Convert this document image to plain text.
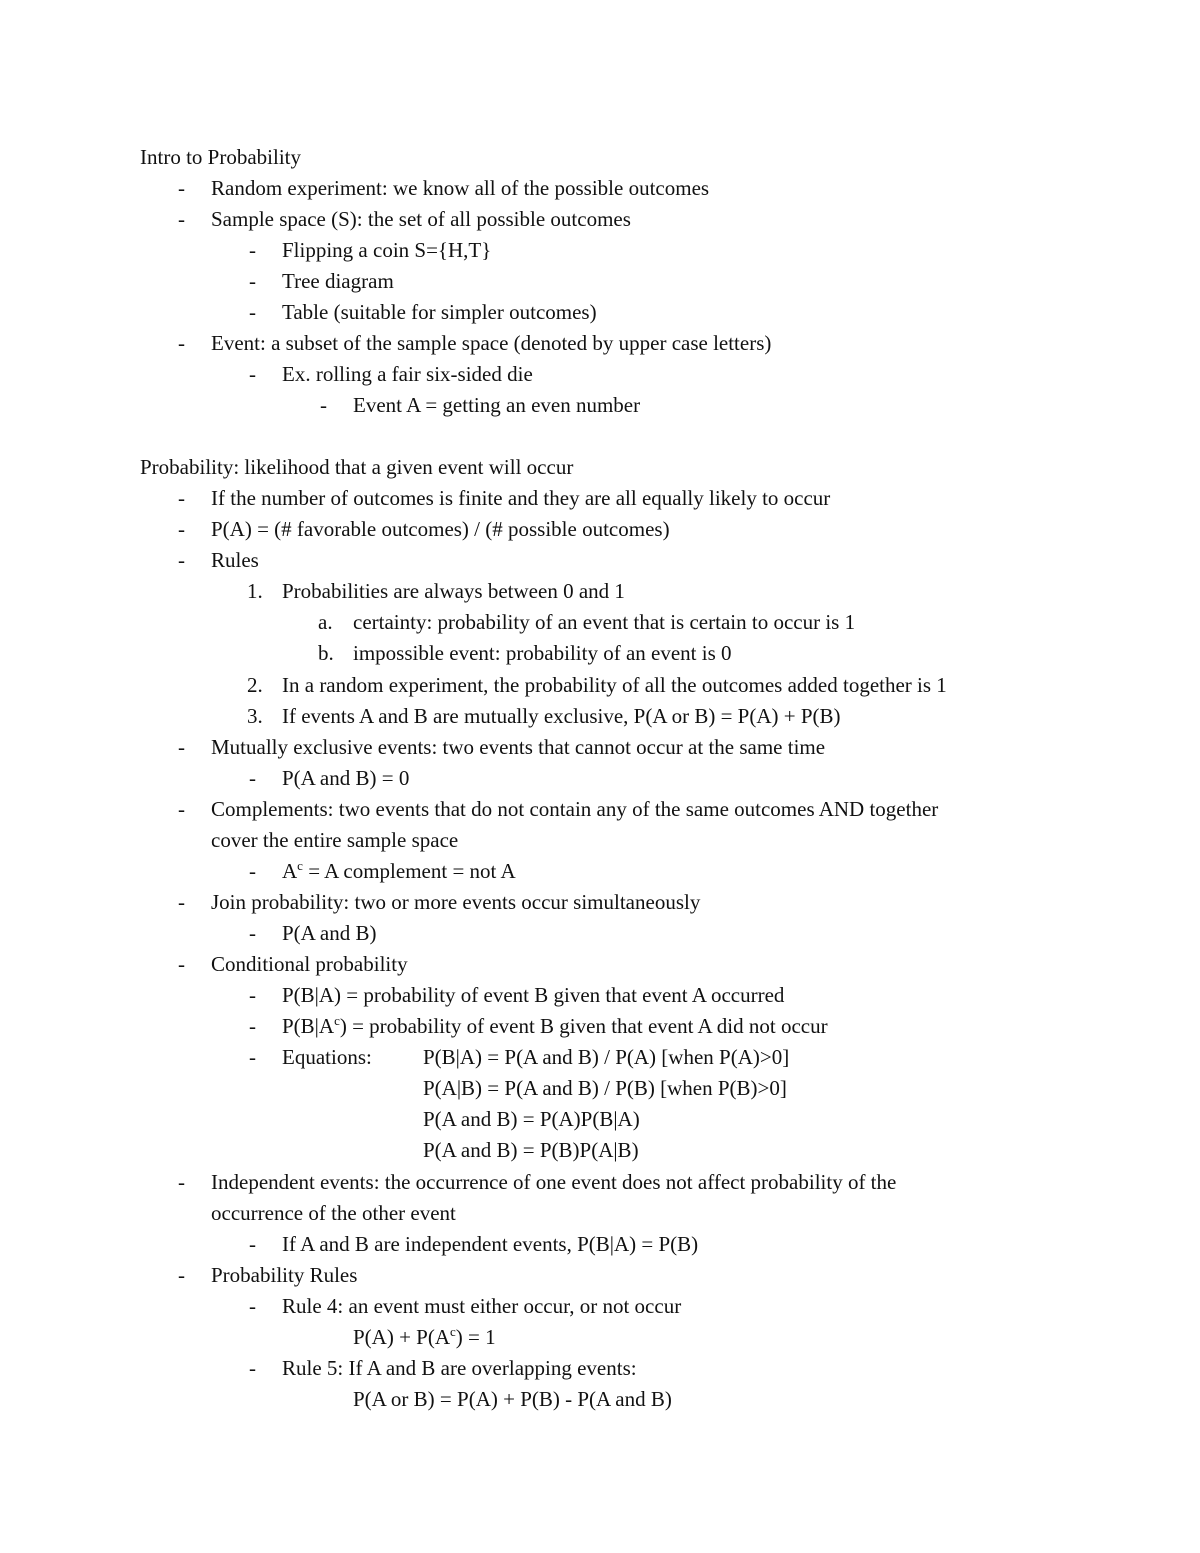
Intro to Probability
- Random experiment: we know all of the possible outcomes
- Sample space (S): the set of all possible outcomes
- Flipping a coin S={H,T}
- Tree diagram
- Table (suitable for simpler outcomes)
- Event: a subset of the sample space (denoted by upper case letters)
- Ex. rolling a fair six-sided die
- Event A = getting an even number
Probability: likelihood that a given event will occur
- If the number of outcomes is finite and they are all equally likely to occur
- P(A) = (# favorable outcomes) / (# possible outcomes)
- Rules
1. Probabilities are always between 0 and 1
a. certainty: probability of an event that is certain to occur is 1
b. impossible event: probability of an event is 0
2. In a random experiment, the probability of all the outcomes added together is 1
3. If events A and B are mutually exclusive, P(A or B) = P(A) + P(B)
- Mutually exclusive events: two events that cannot occur at the same time
- P(A and B) = 0
- Complements: two events that do not contain any of the same outcomes AND together
cover the entire sample space
- $A^c = A$ complement = not A
- Join probability: two or more events occur simultaneously
- P(A and B)
- Conditional probability
- P(B|A) = probability of event B given that event A occurred
- $P(B|A^c)$ = probability of event B given that event A did not occur
- Equations: P(B|A) = P(A and B) / P(A) [when P(A)>0]
P(A|B) = P(A and B) / P(B) [when P(B)>0]
P(A and B) = P(A)P(B|A)
P(A and B) = P(B)P(A|B)
- Independent events: the occurrence of one event does not affect probability of the
occurrence of the other event
- If A and B are independent events, P(B|A) = P(B)
- Probability Rules
- Rule 4: an event must either occur, or not occur
$P(A) + P(A^c) = 1$
- Rule 5: If A and B are overlapping events:
P(A or B) = P(A) + P(B) - P(A and B)
